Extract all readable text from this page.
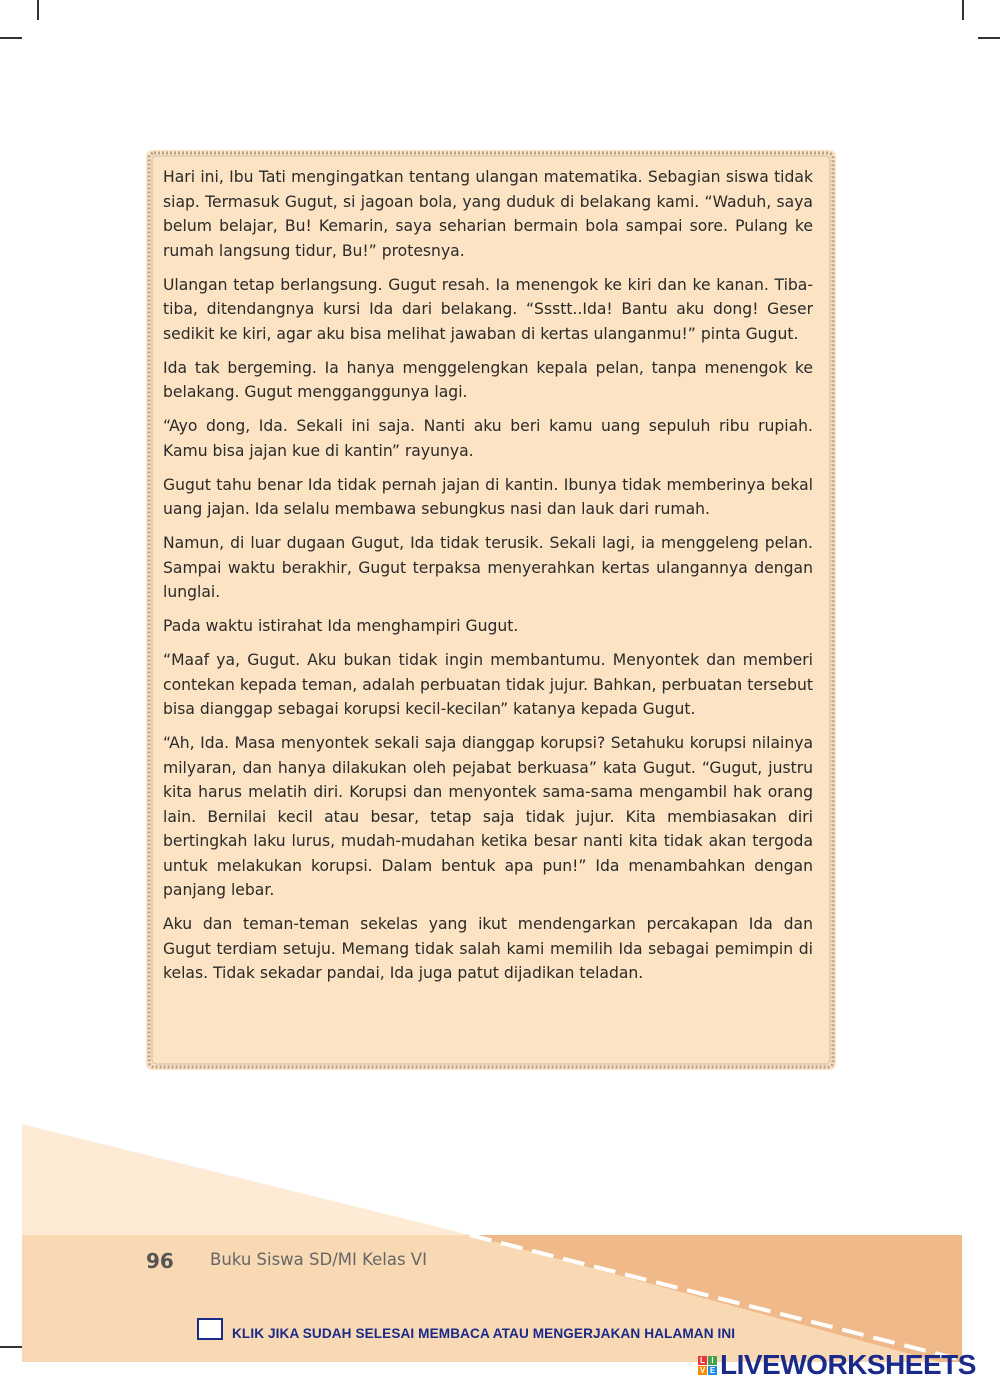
Hari ini, Ibu Tati mengingatkan tentang ulangan matematika. Sebagian siswa tidak siap. Termasuk Gugut, si jagoan bola, yang duduk di belakang kami. “Waduh, saya belum belajar, Bu! Kemarin, saya seharian bermain bola sampai sore. Pulang ke rumah langsung tidur, Bu!” protesnya.

Ulangan tetap berlangsung. Gugut resah. Ia menengok ke kiri dan ke kanan. Tiba-tiba, ditendangnya kursi Ida dari belakang. “Ssstt..Ida! Bantu aku dong! Geser sedikit ke kiri, agar aku bisa melihat jawaban di kertas ulanganmu!” pinta Gugut.

Ida tak bergeming. Ia hanya menggelengkan kepala pelan, tanpa menengok ke belakang. Gugut mengganggunya lagi.

“Ayo dong, Ida. Sekali ini saja. Nanti aku beri kamu uang sepuluh ribu rupiah. Kamu bisa jajan kue di kantin” rayunya.

Gugut tahu benar Ida tidak pernah jajan di kantin. Ibunya tidak memberinya bekal uang jajan. Ida selalu membawa sebungkus nasi dan lauk dari rumah.

Namun, di luar dugaan Gugut, Ida tidak terusik. Sekali lagi, ia menggeleng pelan. Sampai waktu berakhir, Gugut terpaksa menyerahkan kertas ulangannya dengan lunglai.

Pada waktu istirahat Ida menghampiri Gugut.

“Maaf ya, Gugut. Aku bukan tidak ingin membantumu. Menyontek dan memberi contekan kepada teman, adalah perbuatan tidak jujur. Bahkan, perbuatan tersebut bisa dianggap sebagai korupsi kecil-kecilan” katanya kepada Gugut.

“Ah, Ida. Masa menyontek sekali saja dianggap korupsi? Setahuku korupsi nilainya milyaran, dan hanya dilakukan oleh pejabat berkuasa” kata Gugut. “Gugut, justru kita harus melatih diri. Korupsi dan menyontek sama-sama mengambil hak orang lain. Bernilai kecil atau besar, tetap saja tidak jujur. Kita membiasakan diri bertingkah laku lurus, mudah-mudahan ketika besar nanti kita tidak akan tergoda untuk melakukan korupsi. Dalam bentuk apa pun!” Ida menambahkan dengan panjang lebar.

Aku dan teman-teman sekelas yang ikut mendengarkan percakapan Ida dan Gugut terdiam setuju. Memang tidak salah kami memilih Ida sebagai pemimpin di kelas. Tidak sekadar pandai, Ida juga patut dijadikan teladan.

96 Buku Siswa SD/MI Kelas VI
KLIK JIKA SUDAH SELESAI MEMBACA ATAU MENGERJAKAN HALAMAN INI
L I
V E LIVEWORKSHEETS
